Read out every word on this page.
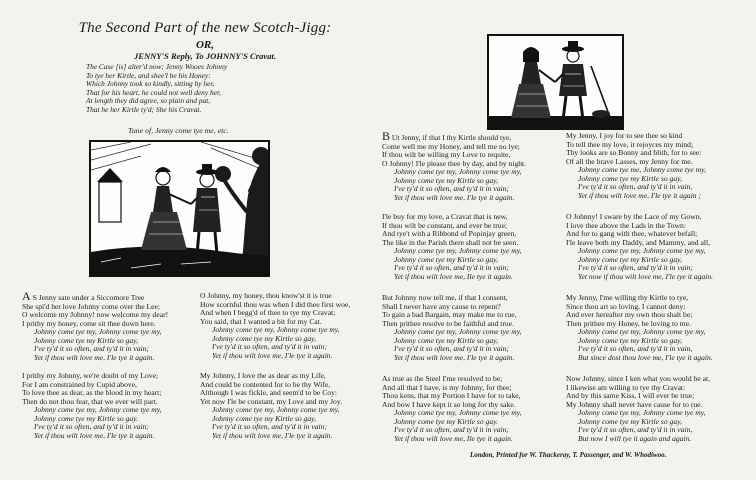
The Second Part of the new Scotch-Jigg:
OR,
JENNY'S Reply, To JOHNNY'S Cravat.
The Case [is] alter'd now; Jenny Wooes Johnny
To tye her Kirtle, and shee'l be his Honey:
Which Johnny took so kindly, sitting by her,
That for his heart, he could not well deny her,
At length they did agree, so plain and pat,
That he her Kirtle ty'd; She his Cravat.
Tune of, Jenny come tye me, etc.
A S Jenny sate under a Siccomore Tree
She spi'd her love Johnny come over the Lee;
O welcome my Johnny! now welcome my dear!
I prithy my honey, come sit thee down here.
Johnny come tye my, Johnny come tye my,
Johnny come tye my Kirtle so gay,
I've ty'd it so often, and ty'd it in vain;
Yet if thou wilt love me, I'le tye it again.
I prithy my Johnny, we're doubt of my Love;
For I am constrained by Cupid above,
To love thee as dear, as the blood in my heart;
Then do not thou fear, that we ever will part.
Johnny come tye my, Johnny come tye my,
Johnny come tye my Kirtle so gay.
I've ty'd it so often, and ty'd it in vain;
Yet if thou wilt love me, I'le tye it again.
O Johnny, my honey, thou know'st it is true
How scornful thou was when I did thee first woe,
And when I begg'd of thee to tye my Cravat;
You said, that I wanted a bit for my Cat.
Johnny come tye my, Johnny come tye my,
Johnny come tye my Kirtle so gay,
I've ty'd it so often, and ty'd it in vain;
Yet if thou wilt love me, I'le tye it again.
My Johnny, I love the as dear as my Life,
And could be contented for to be thy Wife,
Although I was fickle, and seem'd to be Coy:
Yet now I'le be constant, my Love and my Joy.
Johnny come tye my, Johnny come tye my,
Johnny come tye my Kirtle so gay,
I've ty'd it so often, and ty'd it in vain;
Yet if thou wilt love me, I'le tye it again.
B Ut Jenny, if that I thy Kirtle should tye,
Come well me my Honey, and tell me no lye;
If thou wilt be willing my Love to requite,
O Johnny! I'le please thee by day, and by night.
Johnny come tye my, Johnny come tye my,
Johnny come tye my Kirtle so gay,
I've ty'd it so often, and ty'd it in vain;
Yet if thou wilt love me, I'le tye it again.
I'le buy for my love, a Cravat that is new,
If thou wilt be constant, and ever be true;
And tye't with a Ribbond of Popinjay green,
The like in the Parish there shall not be seen.
Johnny come tye my, Johnny come tye my,
Johnny come tye my Kirtle so gay,
I've ty'd it so often, and ty'd it in vain;
Yet if thou wilt love me, Ile tye it again.
But Johnny now tell me, if that I consent,
Shall I never have any cause to repent?
To gain a bad Bargain, may make me to rue,
Then prithee resolve to be faithful and true.
Johnny come tye my, Johnny come tye my,
Johnny come tye my Kirtle so gay,
I've ty'd it so often, and ty'd it in vain;
Yet if thou wilt love me, I'le tye it again.
As true as the Steel I'me resolved to be;
And all that I have, is my Johnny, for thee;
Thou kens, that my Portion I have for to take,
And bow I have kept it so long for thy sake.
Johnny come tye my, Johnny come tye my,
Johnny come tye my Kirtle so gay.
I've ty'd it so often, and ty'd it in vain;
Yet if thou wilt love me, Ile tye it again.
My Jenny, I joy for to see thee so kind
To tell thee my love, it rejoyces my mind;
Thy looks are so Bonny and blith, for to see:
Of all the brave Lasses, my Jenny for me.
Johnny come tye me, Johnny come tye my,
Johnny come tye my Kirtle so gay,
I've ty'd it so often, and ty'd it in vain,
Yet if thou wilt love me, I'le tye it again ;
O Johnny! I sware by the Lace of my Gown,
I love thee above the Lads in the Town:
And for to gang with thee, whatever befall;
I'le leave both my Daddy, and Mammy, and all,
Johnny come tye my, Johnny come tye my,
Johnny come tye my Kirtle so gay,
I've ty'd it so often, and ty'd it in vain;
Yet now if thou wilt love me, I'le tye it again.
My Jenny, I'me willing thy Kirtle to tye,
Since thou art so loving, I cannot deny:
And ever hereafter my own thou shalt be;
Then prithee my Honey, be loving to me.
Johnny come tye my, Johnny come tye my,
Johnny come tye my Kirtle so gay,
I've ty'd it so often, and ty'd it in vain,
But since dost thou love me, I'le tye it again.
Now Johnny, since I ken what you would be at,
I likewise am willing to tye thy Cravat:
And by this same Kiss, I will ever be true;
My Johnny shall never have cause for to rue.
Johnny come tye my, Johnny come tye my,
Johnny come tye my Kirtle so gay,
I've ty'd it so often, and ty'd it in vain,
But now I will tye it again and again.
London, Printed for W. Thackeray, T. Passenger, and W. Whodiwoo.
